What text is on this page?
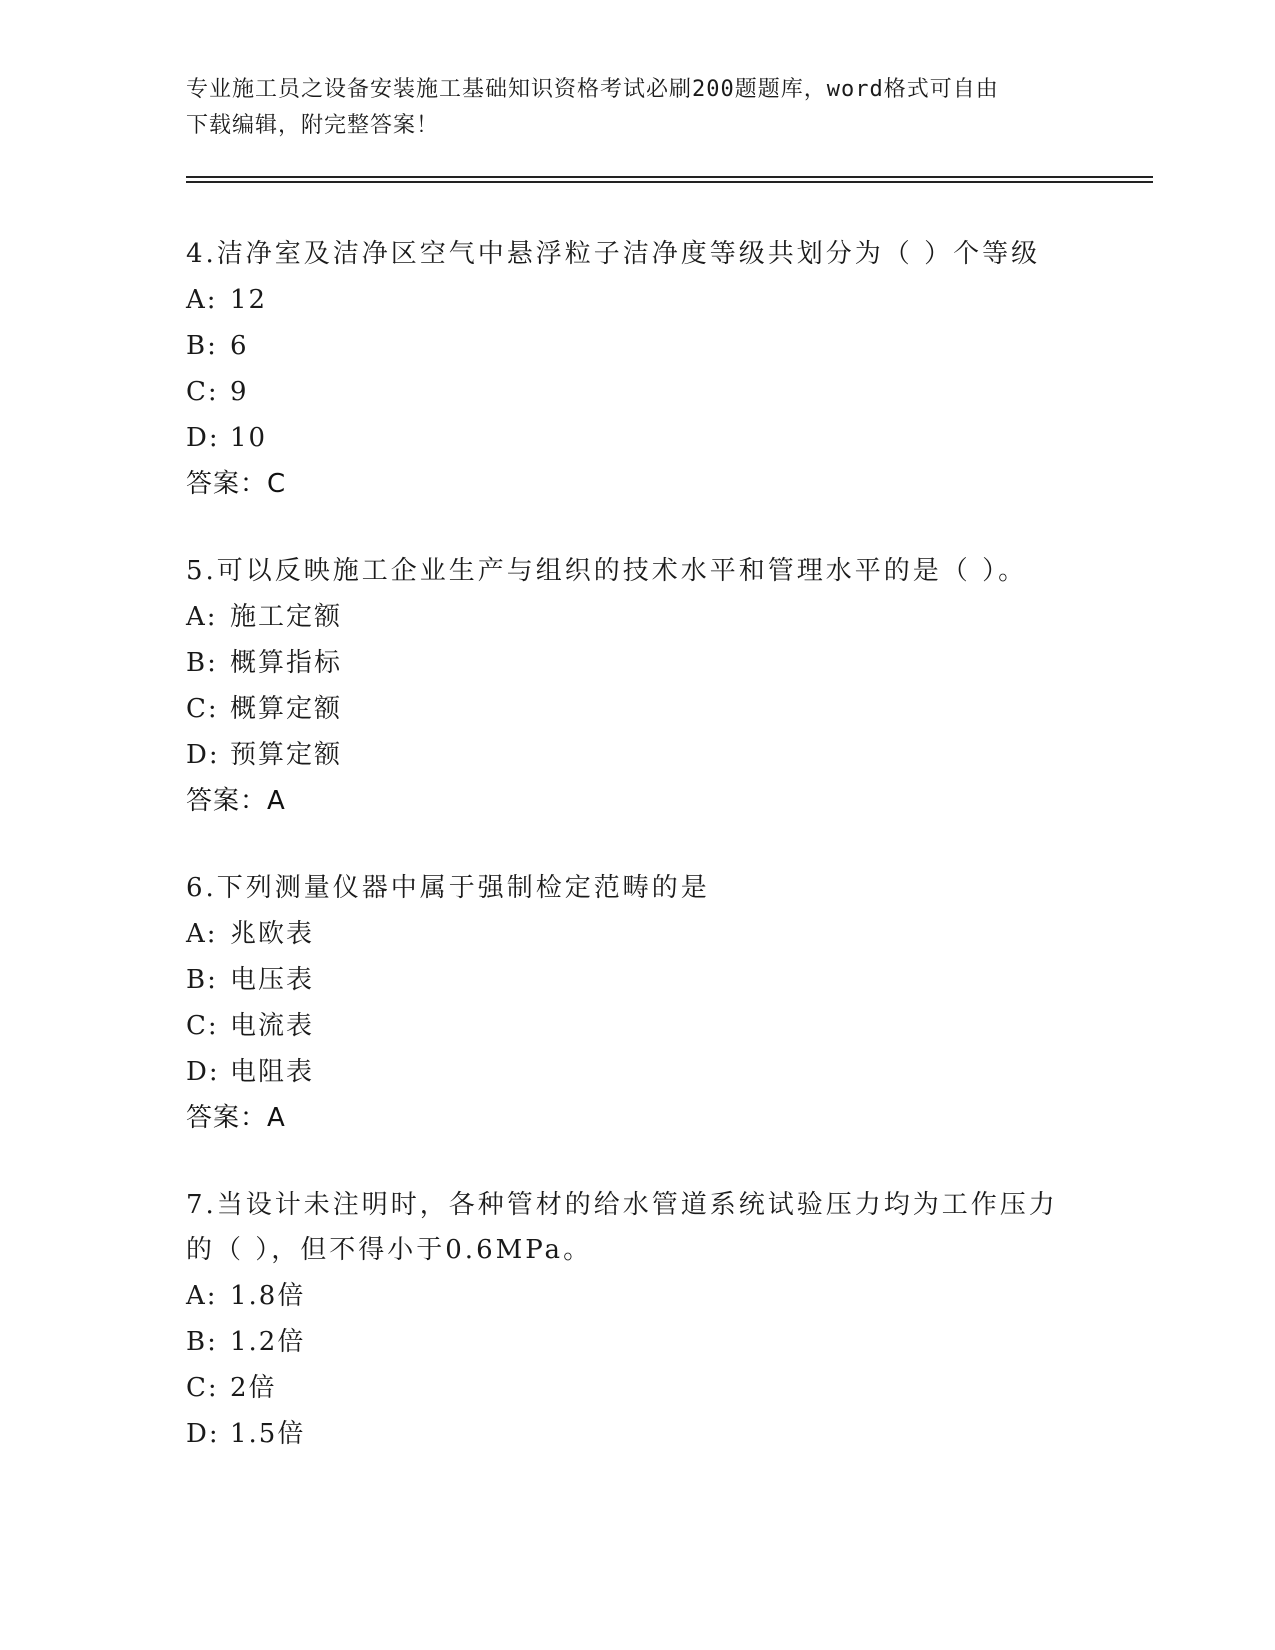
专业施工员之设备安装施工基础知识资格考试必刷200题题库，word格式可自由
下载编辑，附完整答案！
4.洁净室及洁净区空气中悬浮粒子洁净度等级共划分为（ ）个等级
A: 12
B: 6
C: 9
D: 10
答案：C
5.可以反映施工企业生产与组织的技术水平和管理水平的是（ ）。
A: 施工定额
B: 概算指标
C: 概算定额
D: 预算定额
答案：A
6.下列测量仪器中属于强制检定范畴的是
A: 兆欧表
B: 电压表
C: 电流表
D: 电阻表
答案：A
7.当设计未注明时，各种管材的给水管道系统试验压力均为工作压力的（ ），但不得小于0.6MPa。
A: 1.8倍
B: 1.2倍
C: 2倍
D: 1.5倍
